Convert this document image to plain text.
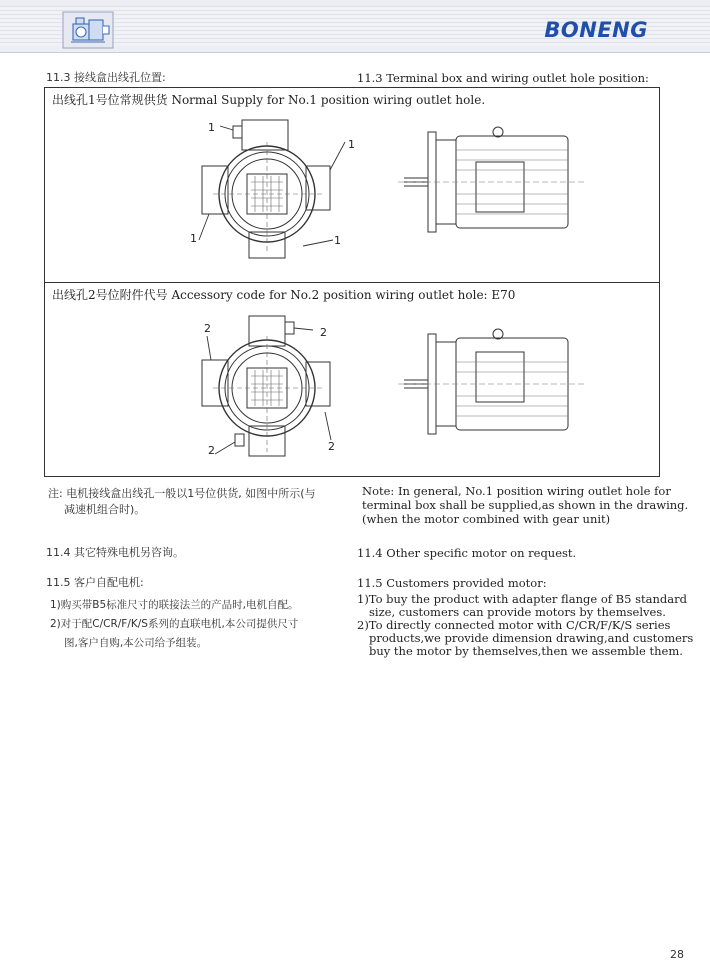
BONENG
11.3 接线盒出线孔位置:	11.3 Terminal box and wiring outlet hole position:
出线孔1号位常规供货 Normal Supply for No.1 position wiring outlet hole.
出线孔2号位附件代号 Accessory code for No.2 position wiring outlet hole: E70
1
1
1	1
2	2
2	2
注: 电机接线盒出线孔一般以1号位供货, 如图中所示(与
减速机组合时)。
Note: In general, No.1 position wiring outlet hole for
terminal box shall be supplied,as shown in the drawing.
(when the motor combined with gear unit)
11.4 其它特殊电机另咨询。	11.4 Other specific motor on request.
11.5 客户自配电机:	11.5 Customers provided motor:
1)购买带B5标准尺寸的联接法兰的产品时,电机自配。
2)对于配C/CR/F/K/S系列的直联电机,本公司提供尺寸
图,客户自购,本公司给予组装。
1)To buy the product with adapter flange of B5 standard
size, customers can provide motors by themselves.
2)To directly connected motor with C/CR/F/K/S series
products,we provide dimension drawing,and customers
buy the motor by themselves,then we assemble them.
28
